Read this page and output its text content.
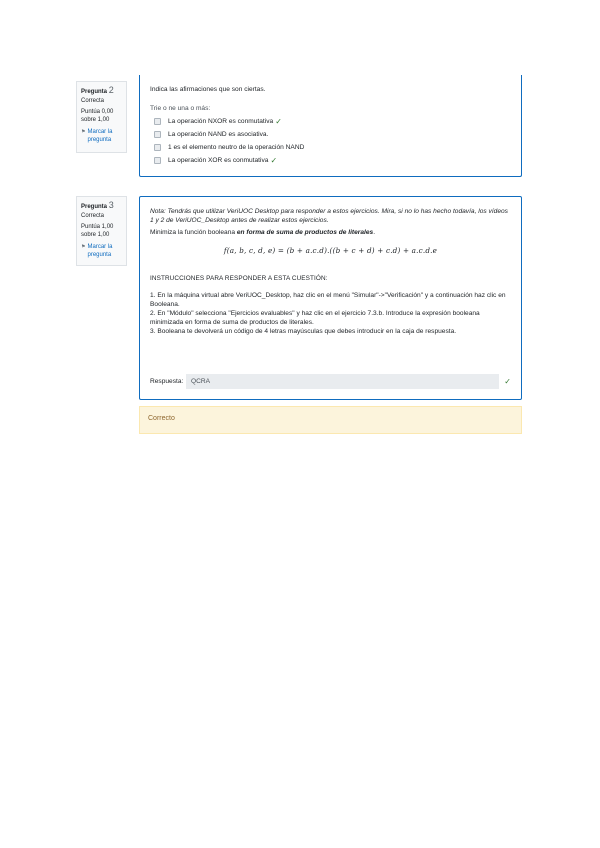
Pregunta 2
Correcta
Puntúa 0,00 sobre 1,00
⚑ Marcar la pregunta
Indica las afirmaciones que son ciertas.
Trie o ne una o más:
La operación NXOR es conmutativa ✓
La operación NAND es asociativa.
1 es el elemento neutro de la operación NAND
La operación XOR es conmutativa ✓
Pregunta 3
Correcta
Puntúa 1,00 sobre 1,00
⚑ Marcar la pregunta
Nota: Tendrás que utilizar VeriUOC Desktop para responder a estos ejercicios. Mira, si no lo has hecho todavía, los vídeos 1 y 2 de VeriUOC_Desktop antes de realizar estos ejercicios.
Minimiza la función booleana en forma de suma de productos de literales.
f(a, b, c, d, e) = (b + a.c.d).((b + c + d) + c.d) + a.c.d.e
INSTRUCCIONES PARA RESPONDER A ESTA CUESTIÓN:

1. En la máquina virtual abre VeriUOC_Desktop, haz clic en el menú "Simular"->"Verificación" y a continuación haz clic en Booleana.

2. En "Módulo" selecciona "Ejercicios evaluables" y haz clic en el ejercicio 7.3.b. Introduce la expresión booleana minimizada en forma de suma de productos de literales.

3. Booleana te devolverá un código de 4 letras mayúsculas que debes introducir en la caja de respuesta.

Respuesta:	QCRA	✓
Correcto
